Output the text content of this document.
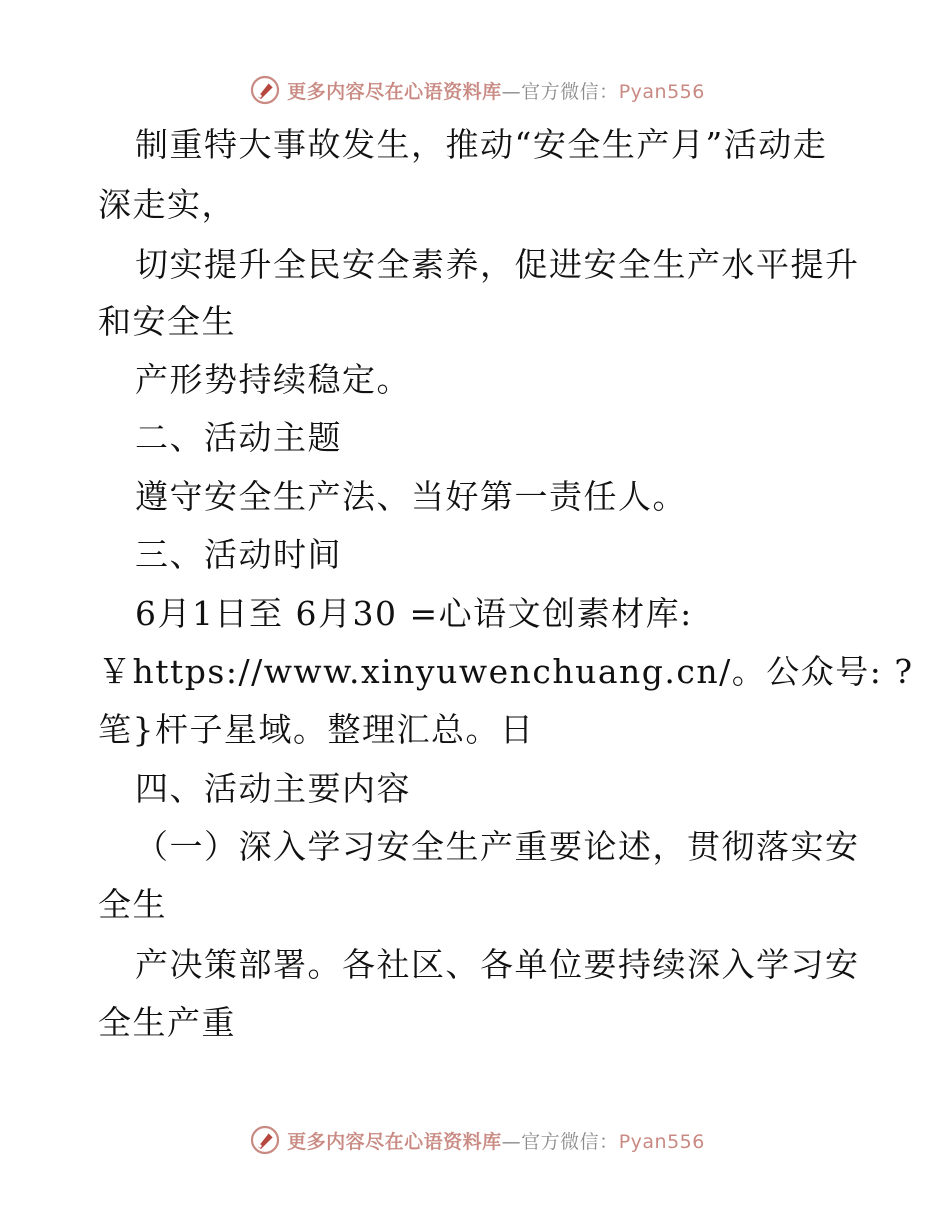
更多内容尽在心语资料库—官方微信：Pyan556
制重特大事故发生，推动“安全生产月”活动走
深走实，
切实提升全民安全素养，促进安全生产水平提升
和安全生
产形势持续稳定。
二、活动主题
遵守安全生产法、当好第一责任人。
三、活动时间
6月1日至 6月30 =心语文创素材库:
￥https://www.xinyuwenchuang.cn/。公众号: ?
笔}杆子星域。整理汇总。日
四、活动主要内容
（一）深入学习安全生产重要论述，贯彻落实安
全生
产决策部署。各社区、各单位要持续深入学习安
全生产重
更多内容尽在心语资料库—官方微信：Pyan556
